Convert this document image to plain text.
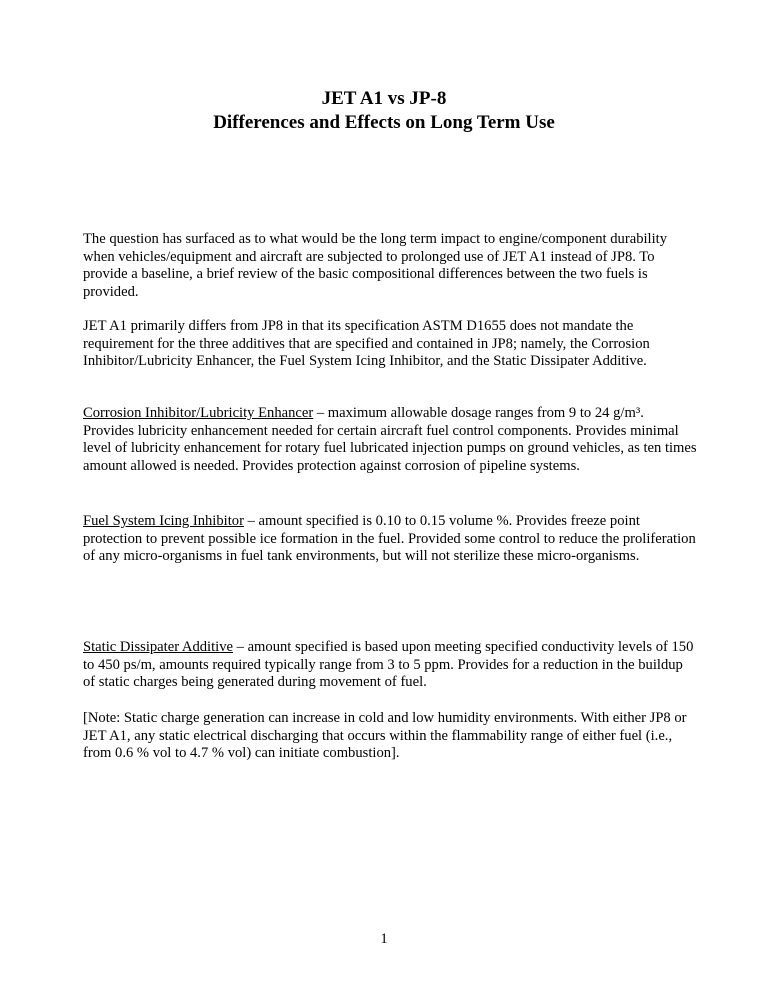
JET A1 vs JP-8
Differences and Effects on Long Term Use

The question has surfaced as to what would be the long term impact to engine/component durability when vehicles/equipment and aircraft are subjected to prolonged use of JET A1 instead of JP8. To provide a baseline, a brief review of the basic compositional differences between the two fuels is provided.

JET A1 primarily differs from JP8 in that its specification ASTM D1655 does not mandate the requirement for the three additives that are specified and contained in JP8; namely, the Corrosion Inhibitor/Lubricity Enhancer, the Fuel System Icing Inhibitor, and the Static Dissipater Additive.

Corrosion Inhibitor/Lubricity Enhancer – maximum allowable dosage ranges from 9 to 24 g/m³. Provides lubricity enhancement needed for certain aircraft fuel control components. Provides minimal level of lubricity enhancement for rotary fuel lubricated injection pumps on ground vehicles, as ten times amount allowed is needed. Provides protection against corrosion of pipeline systems.

Fuel System Icing Inhibitor – amount specified is 0.10 to 0.15 volume %. Provides freeze point protection to prevent possible ice formation in the fuel. Provided some control to reduce the proliferation of any micro-organisms in fuel tank environments, but will not sterilize these micro-organisms.

Static Dissipater Additive – amount specified is based upon meeting specified conductivity levels of 150 to 450 ps/m, amounts required typically range from 3 to 5 ppm. Provides for a reduction in the buildup of static charges being generated during movement of fuel.

[Note: Static charge generation can increase in cold and low humidity environments. With either JP8 or JET A1, any static electrical discharging that occurs within the flammability range of either fuel (i.e., from 0.6 % vol to 4.7 % vol) can initiate combustion].

1
